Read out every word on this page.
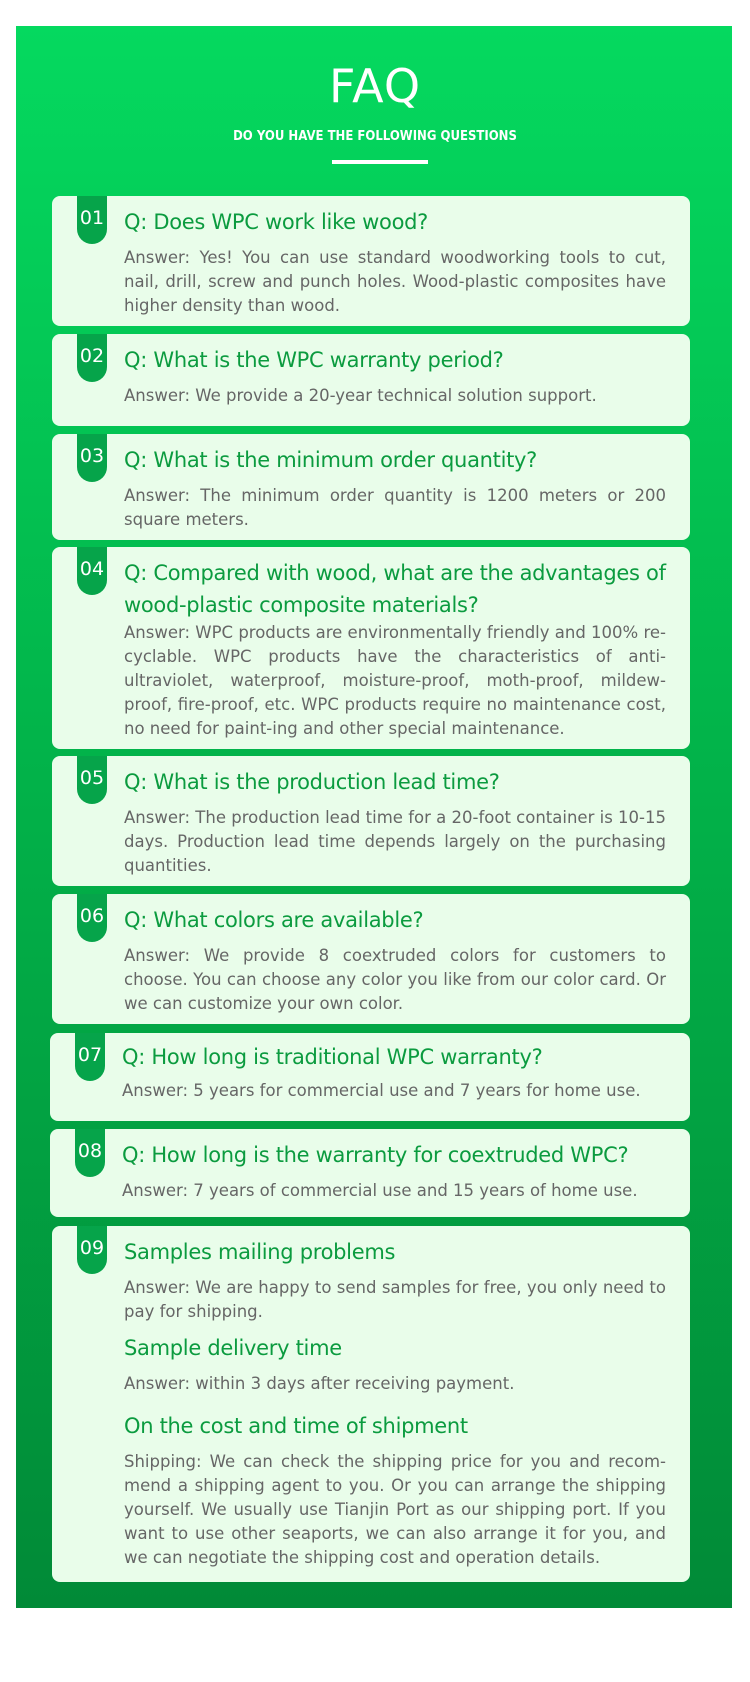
FAQ
DO YOU HAVE THE FOLLOWING QUESTIONS
01 Q: Does WPC work like wood?
Answer: Yes! You can use standard woodworking tools to cut, nail, drill, screw and punch holes. Wood-plastic composites have higher density than wood.
02 Q: What is the WPC warranty period?
Answer: We provide a 20-year technical solution support.
03 Q: What is the minimum order quantity?
Answer: The minimum order quantity is 1200 meters or 200 square meters.
04 Q: Compared with wood, what are the advantages of wood-plastic composite materials?
Answer: WPC products are environmentally friendly and 100% re-cyclable. WPC products have the characteristics of anti-ultraviolet, waterproof, moisture-proof, moth-proof, mildew-proof, fire-proof, etc. WPC products require no maintenance cost, no need for paint-ing and other special maintenance.
05 Q: What is the production lead time?
Answer: The production lead time for a 20-foot container is 10-15 days. Production lead time depends largely on the purchasing quantities.
06 Q: What colors are available?
Answer: We provide 8 coextruded colors for customers to choose. You can choose any color you like from our color card. Or we can customize your own color.
07 Q: How long is traditional WPC warranty?
Answer: 5 years for commercial use and 7 years for home use.
08 Q: How long is the warranty for coextruded WPC?
Answer: 7 years of commercial use and 15 years of home use.
09 Samples mailing problems
Answer: We are happy to send samples for free, you only need to pay for shipping.
Sample delivery time
Answer: within 3 days after receiving payment.
On the cost and time of shipment
Shipping: We can check the shipping price for you and recom-mend a shipping agent to you. Or you can arrange the shipping yourself. We usually use Tianjin Port as our shipping port. If you want to use other seaports, we can also arrange it for you, and we can negotiate the shipping cost and operation details.
